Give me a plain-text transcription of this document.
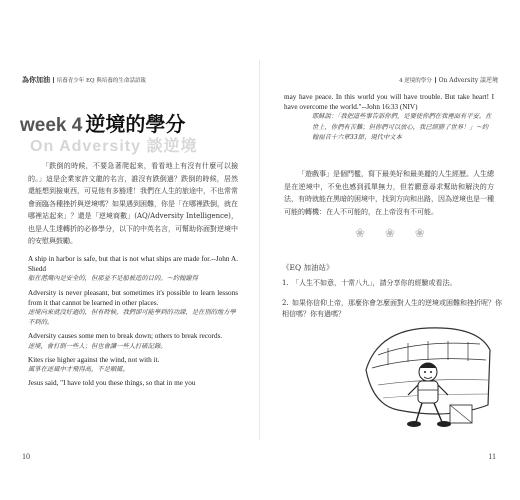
為你加油 培養青少年 EQ 與培養的生命話語箴
week 4 逆境的學分
On Adversity 談逆境

「跌倒的時候，不要急著爬起來，看看地上有沒有什麼可以撿的。」這是企業家許文龍的名言，誰沒有跌倒過？跌倒的時候，居然還能想到撿東西，可見他有多豁達！我們在人生的旅途中，不也常常會面臨各種挫折與逆境嗎？如果遇到困難，你是「在哪裡跌倒，就在哪裡站起來」？還是「逆境商數」(AQ/Adversity Intelligence)，也是人生達轉折的必修學分，以下的中英名言，可幫助你面對逆境中的安慰與鼓勵。

A ship in harbor is safe, but that is not what ships are made for.--John A. Shedd

船在港灣內是安全的，但那並不是船被造的目的。～約翰謝得

Adversity is never pleasant, but sometimes it's possible to learn lessons from it that cannot be learned in other places.

逆境向來就沒好過的，但有時候，我們卻可能學到的功課，是在別的地方學不到的。

Adversity causes some men to break down; others to break records.

逆境，會打倒一些人；但也會讓一些人打破記錄。

Kites rise higher against the wind, not with it.

風箏在逆風中才飛得高，不是順風。

Jesus said, "I have told you these things, so that in me you

10
4 逆境的學分 On Adversity 談逆境

may have peace. In this world you will have trouble. But take heart! I have overcome the world."--John 16:33 (NIV)

耶穌說：「我把這些事告訴你們，是要使你們在我裡面有平安。在世上，你們有苦難；但你們可以放心，我已經勝了世界！」～約翰福音十六章33節，現代中文本

「遊戲事」是個門檻，寫下最美好和最美麗的人生經歷。人生總是在逆境中，不免也感到孤單無力，但若願意尋求幫助和解決的方法，有時就能在黑暗的困境中，找到方向和出路，因為逆境也是一種可能的轉機：在人不可能的，在上帝沒有不可能。

❀ ❀ ❀
《EQ 加油站》
1. 「人生不如意，十常八九」，請分享你的經驗或看法。
2. 如果你信仰上帝，那麼你會怎麼面對人生的逆境或困難和挫折呢？你相信嗎？你有過嗎？
11
